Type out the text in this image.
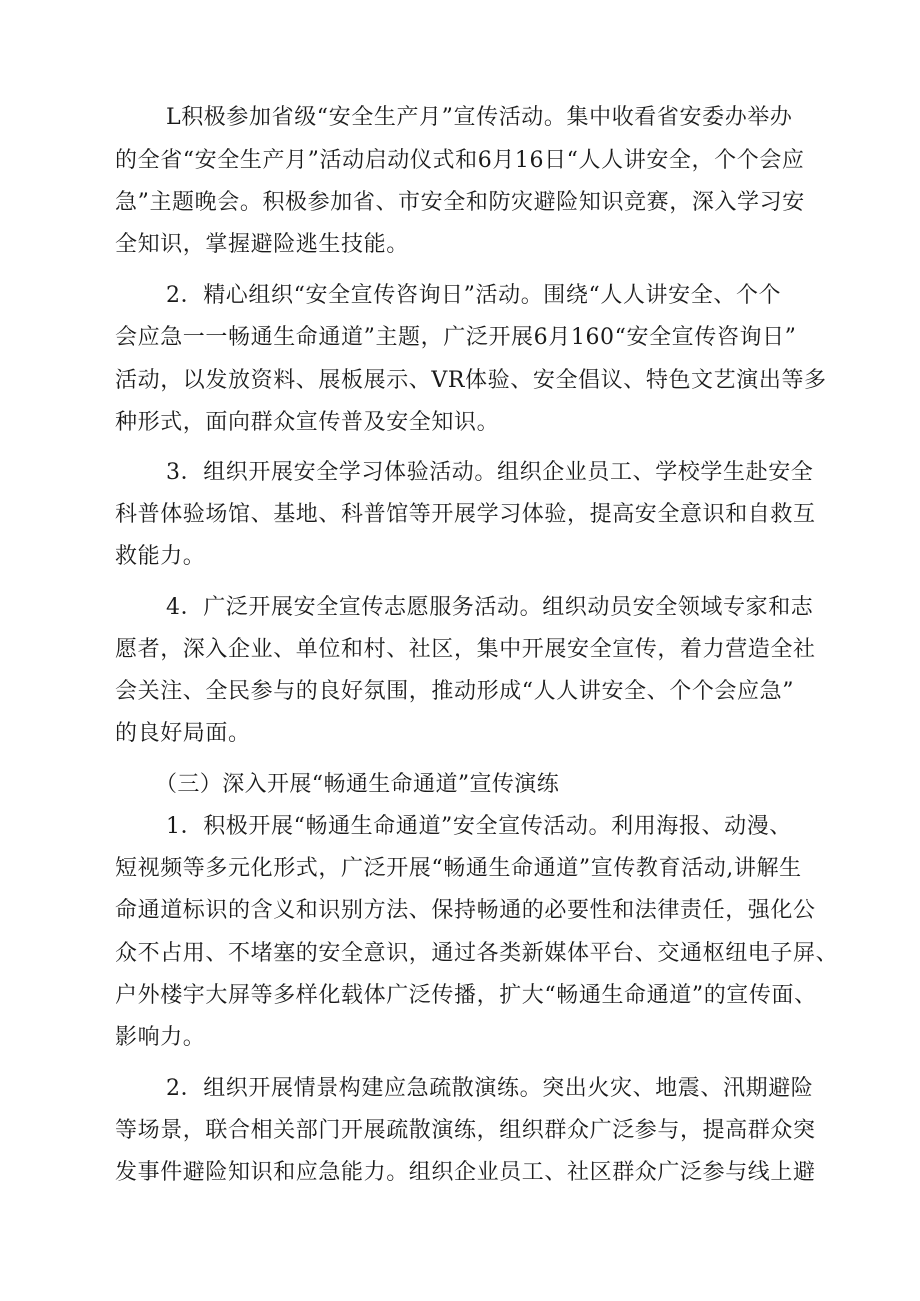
L积极参加省级“安全生产月”宣传活动。集中收看省安委办举办
的全省“安全生产月”活动启动仪式和6月16日“人人讲安全，个个会应
急”主题晚会。积极参加省、市安全和防灾避险知识竞赛，深入学习安
全知识，掌握避险逃生技能。
2．精心组织“安全宣传咨询日”活动。围绕“人人讲安全、个个
会应急一一畅通生命通道”主题，广泛开展6月160“安全宣传咨询日”
活动，以发放资料、展板展示、VR体验、安全倡议、特色文艺演出等多
种形式，面向群众宣传普及安全知识。
3．组织开展安全学习体验活动。组织企业员工、学校学生赴安全
科普体验场馆、基地、科普馆等开展学习体验，提高安全意识和自救互
救能力。
4．广泛开展安全宣传志愿服务活动。组织动员安全领域专家和志
愿者，深入企业、单位和村、社区，集中开展安全宣传，着力营造全社
会关注、全民参与的良好氛围，推动形成“人人讲安全、个个会应急”
的良好局面。
（三）深入开展“畅通生命通道”宣传演练
1．积极开展“畅通生命通道”安全宣传活动。利用海报、动漫、
短视频等多元化形式，广泛开展“畅通生命通道”宣传教育活动,讲解生
命通道标识的含义和识别方法、保持畅通的必要性和法律责任，强化公
众不占用、不堵塞的安全意识，通过各类新媒体平台、交通枢纽电子屏、
户外楼宇大屏等多样化载体广泛传播，扩大“畅通生命通道”的宣传面、
影响力。
2．组织开展情景构建应急疏散演练。突出火灾、地震、汛期避险
等场景，联合相关部门开展疏散演练，组织群众广泛参与，提高群众突
发事件避险知识和应急能力。组织企业员工、社区群众广泛参与线上避
